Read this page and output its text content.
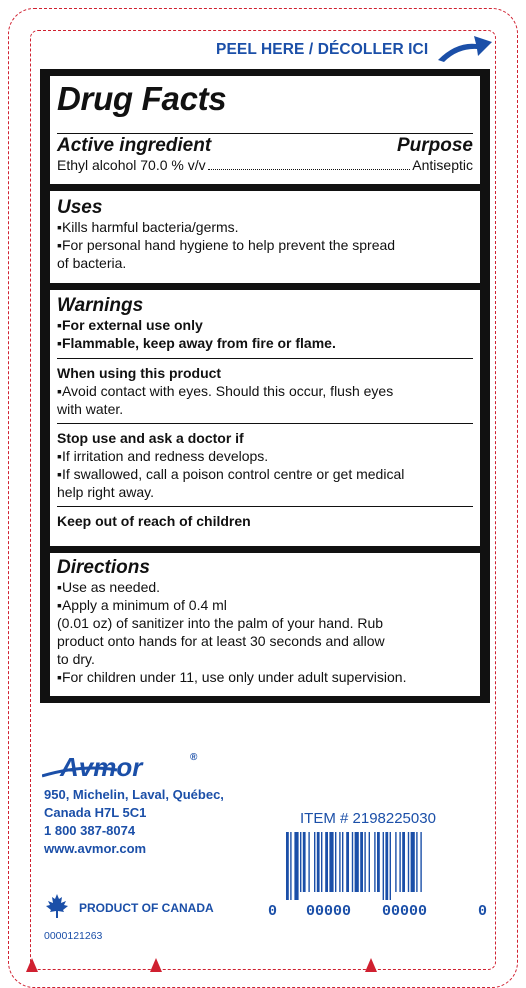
PEEL HERE / DÉCOLLER ICI
Drug Facts
Active ingredient	Purpose
Ethyl alcohol 70.0 % v/v	Antiseptic
Uses
▪Kills harmful bacteria/germs.
▪For personal hand hygiene to help prevent the spread
of bacteria.
Warnings
▪For external use only
▪Flammable, keep away from fire or flame.
When using this product
▪Avoid contact with eyes. Should this occur, flush eyes
with water.
Stop use and ask a doctor if
▪If irritation and redness develops.
▪If swallowed, call a poison control centre or get medical
help right away.
Keep out of reach of children
Directions
▪Use as needed.
▪Apply a minimum of 0.4 ml
(0.01 oz) of sanitizer into the palm of your hand. Rub
product onto hands for at least 30 seconds and allow
to dry.
▪For children under 11, use only under adult supervision.
Avmor	®
950, Michelin, Laval, Québec,
Canada H7L 5C1
1 800 387-8074
www.avmor.com
ITEM # 2198225030
0 00000 00000	0
PRODUCT OF CANADA
0000121263
